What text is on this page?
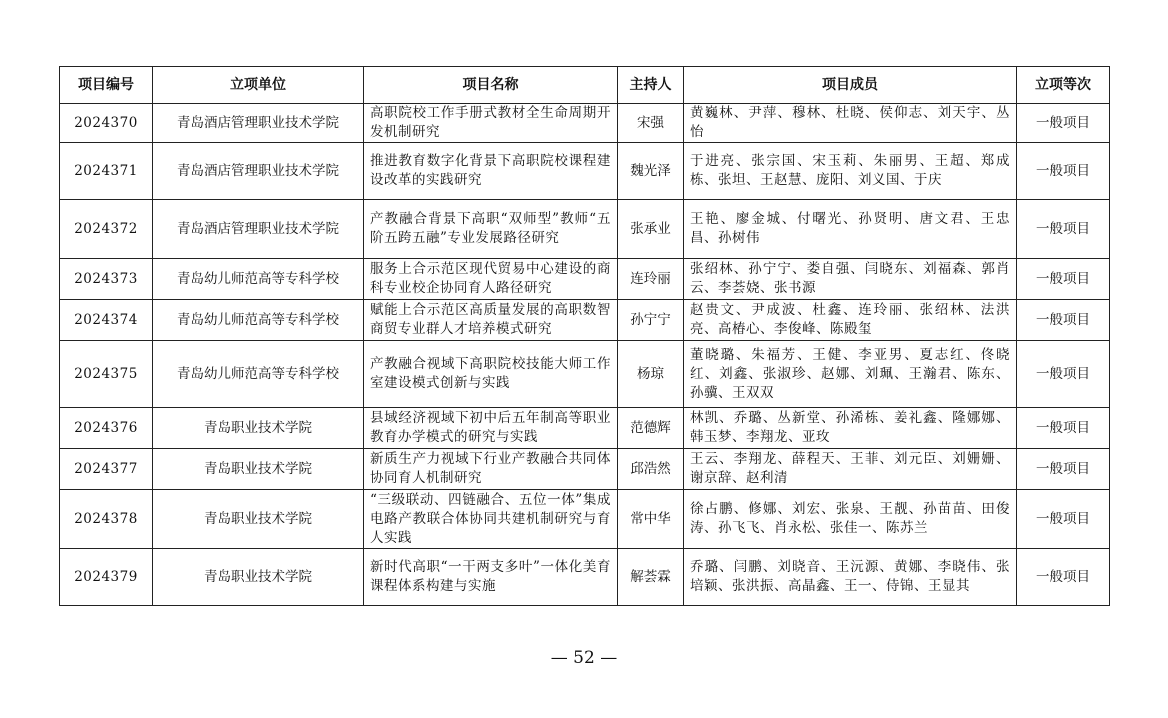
项目编号	立项单位	项目名称	主持人	项目成员	立项等次
2024370	青岛酒店管理职业技术学院	高职院校工作手册式教材全生命周期开发机制研究	宋强	黄巍林、尹萍、穆林、杜晓、侯仰志、刘天宇、丛怡	一般项目
2024371	青岛酒店管理职业技术学院	推进教育数字化背景下高职院校课程建设改革的实践研究	魏光泽	于进亮、张宗国、宋玉莉、朱丽男、王超、郑成栋、张坦、王赵慧、庞阳、刘义国、于庆	一般项目
2024372	青岛酒店管理职业技术学院	产教融合背景下高职“双师型”教师“五阶五跨五融”专业发展路径研究	张承业	王艳、廖金城、付曙光、孙贤明、唐文君、王忠昌、孙树伟	一般项目
2024373	青岛幼儿师范高等专科学校	服务上合示范区现代贸易中心建设的商科专业校企协同育人路径研究	连玲丽	张绍林、孙宁宁、娄自强、闫晓东、刘福森、郭肖云、李荟娆、张书源	一般项目
2024374	青岛幼儿师范高等专科学校	赋能上合示范区高质量发展的高职数智商贸专业群人才培养模式研究	孙宁宁	赵贵文、尹成波、杜鑫、连玲丽、张绍林、法洪亮、高椿心、李俊峰、陈殿玺	一般项目
2024375	青岛幼儿师范高等专科学校	产教融合视域下高职院校技能大师工作室建设模式创新与实践	杨琼	董晓璐、朱福芳、王健、李亚男、夏志红、佟晓红、刘鑫、张淑珍、赵娜、刘珮、王瀚君、陈东、孙骥、王双双	一般项目
2024376	青岛职业技术学院	县域经济视域下初中后五年制高等职业教育办学模式的研究与实践	范德辉	林凯、乔璐、丛新堂、孙浠栋、姜礼鑫、隆娜娜、韩玉梦、李翔龙、亚玫	一般项目
2024377	青岛职业技术学院	新质生产力视域下行业产教融合共同体协同育人机制研究	邱浩然	王云、李翔龙、薛程天、王菲、刘元臣、刘姗姗、谢京辞、赵利清	一般项目
2024378	青岛职业技术学院	“三级联动、四链融合、五位一体”集成电路产教联合体协同共建机制研究与育人实践	常中华	徐占鹏、修娜、刘宏、张泉、王靓、孙苗苗、田俊涛、孙飞飞、肖永松、张佳一、陈苏兰	一般项目
2024379	青岛职业技术学院	新时代高职“一干两支多叶”一体化美育课程体系构建与实施	解荟霖	乔璐、闫鹏、刘晓音、王沅源、黄娜、李晓伟、张培颖、张洪振、高晶鑫、王一、侍锦、王显其	一般项目
— 52 —
